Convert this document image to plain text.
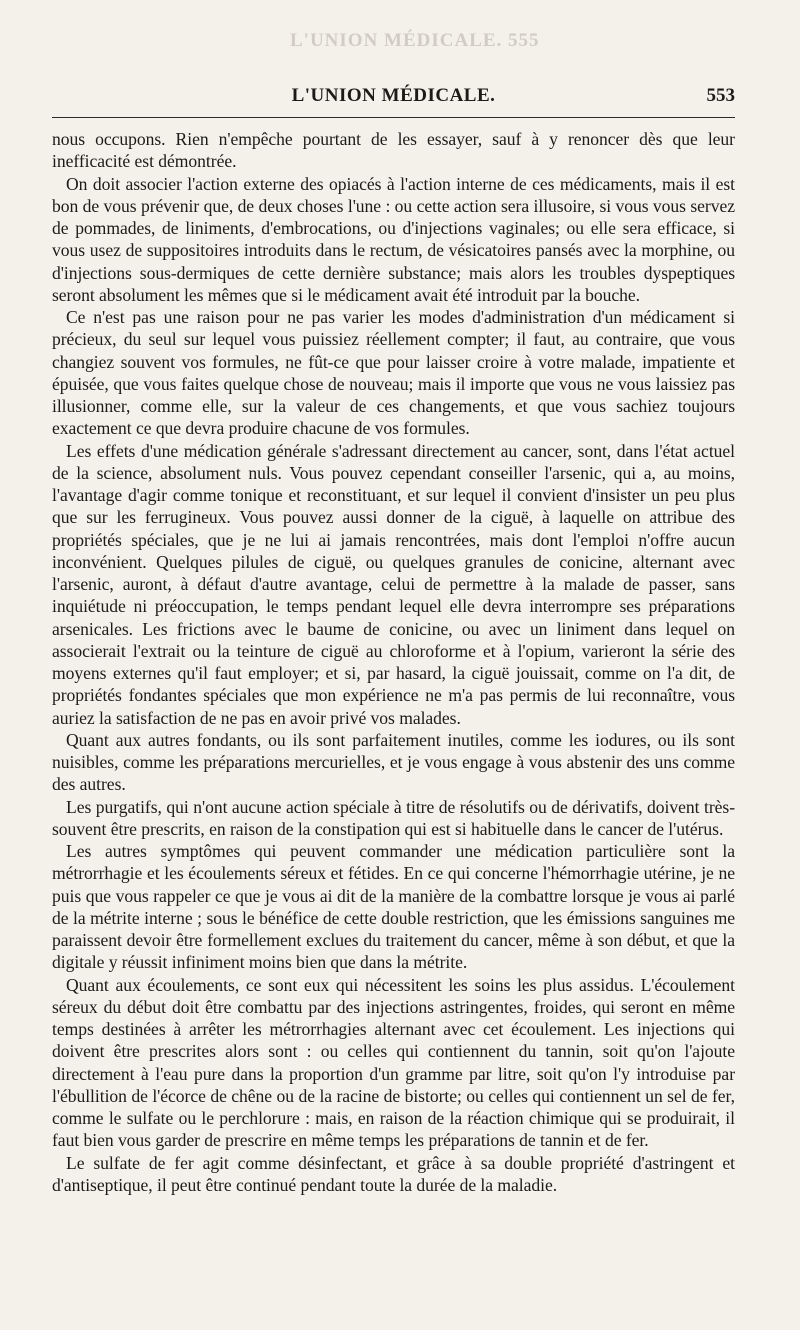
L'UNION MÉDICALE. 555
L'UNION MÉDICALE.	553

nous occupons. Rien n'empêche pourtant de les essayer, sauf à y renoncer dès que leur inefficacité est démontrée.

On doit associer l'action externe des opiacés à l'action interne de ces médicaments, mais il est bon de vous prévenir que, de deux choses l'une : ou cette action sera illusoire, si vous vous servez de pommades, de liniments, d'embrocations, ou d'injections vaginales; ou elle sera efficace, si vous usez de suppositoires introduits dans le rectum, de vésicatoires pansés avec la morphine, ou d'injections sous-dermiques de cette dernière substance; mais alors les troubles dyspeptiques seront absolument les mêmes que si le médicament avait été introduit par la bouche.

Ce n'est pas une raison pour ne pas varier les modes d'administration d'un médicament si précieux, du seul sur lequel vous puissiez réellement compter; il faut, au contraire, que vous changiez souvent vos formules, ne fût-ce que pour laisser croire à votre malade, impatiente et épuisée, que vous faites quelque chose de nouveau; mais il importe que vous ne vous laissiez pas illusionner, comme elle, sur la valeur de ces changements, et que vous sachiez toujours exactement ce que devra produire chacune de vos formules.

Les effets d'une médication générale s'adressant directement au cancer, sont, dans l'état actuel de la science, absolument nuls. Vous pouvez cependant conseiller l'arsenic, qui a, au moins, l'avantage d'agir comme tonique et reconstituant, et sur lequel il convient d'insister un peu plus que sur les ferrugineux. Vous pouvez aussi donner de la ciguë, à laquelle on attribue des propriétés spéciales, que je ne lui ai jamais rencontrées, mais dont l'emploi n'offre aucun inconvénient. Quelques pilules de ciguë, ou quelques granules de conicine, alternant avec l'arsenic, auront, à défaut d'autre avantage, celui de permettre à la malade de passer, sans inquiétude ni préoccupation, le temps pendant lequel elle devra interrompre ses préparations arsenicales. Les frictions avec le baume de conicine, ou avec un liniment dans lequel on associerait l'extrait ou la teinture de ciguë au chloroforme et à l'opium, varieront la série des moyens externes qu'il faut employer; et si, par hasard, la ciguë jouissait, comme on l'a dit, de propriétés fondantes spéciales que mon expérience ne m'a pas permis de lui reconnaître, vous auriez la satisfaction de ne pas en avoir privé vos malades.

Quant aux autres fondants, ou ils sont parfaitement inutiles, comme les iodures, ou ils sont nuisibles, comme les préparations mercurielles, et je vous engage à vous abstenir des uns comme des autres.

Les purgatifs, qui n'ont aucune action spéciale à titre de résolutifs ou de dérivatifs, doivent très-souvent être prescrits, en raison de la constipation qui est si habituelle dans le cancer de l'utérus.

Les autres symptômes qui peuvent commander une médication particulière sont la métrorrhagie et les écoulements séreux et fétides. En ce qui concerne l'hémorrhagie utérine, je ne puis que vous rappeler ce que je vous ai dit de la manière de la combattre lorsque je vous ai parlé de la métrite interne ; sous le bénéfice de cette double restriction, que les émissions sanguines me paraissent devoir être formellement exclues du traitement du cancer, même à son début, et que la digitale y réussit infiniment moins bien que dans la métrite.

Quant aux écoulements, ce sont eux qui nécessitent les soins les plus assidus. L'écoulement séreux du début doit être combattu par des injections astringentes, froides, qui seront en même temps destinées à arrêter les métrorrhagies alternant avec cet écoulement. Les injections qui doivent être prescrites alors sont : ou celles qui contiennent du tannin, soit qu'on l'ajoute directement à l'eau pure dans la proportion d'un gramme par litre, soit qu'on l'y introduise par l'ébullition de l'écorce de chêne ou de la racine de bistorte; ou celles qui contiennent un sel de fer, comme le sulfate ou le perchlorure : mais, en raison de la réaction chimique qui se produirait, il faut bien vous garder de prescrire en même temps les préparations de tannin et de fer.

Le sulfate de fer agit comme désinfectant, et grâce à sa double propriété d'astringent et d'antiseptique, il peut être continué pendant toute la durée de la maladie.
